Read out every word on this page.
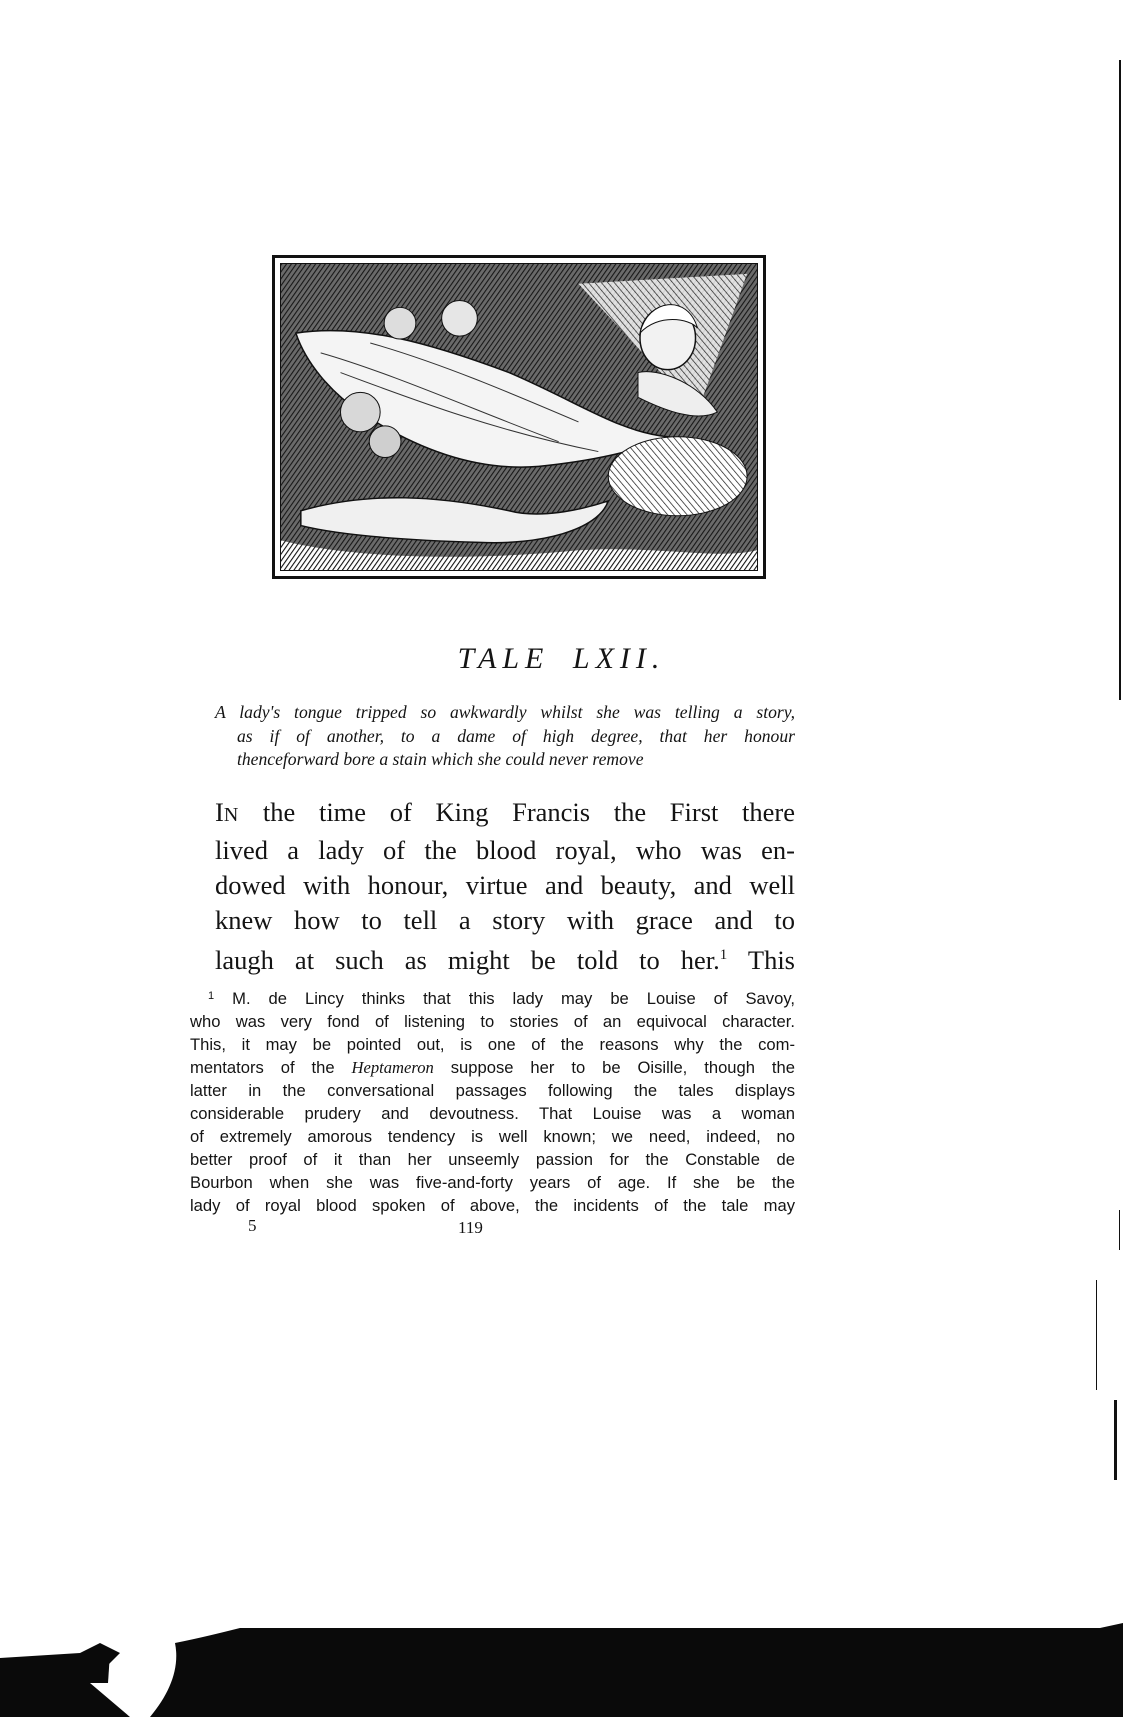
TALE LXII.
A lady's tongue tripped so awkwardly whilst she was telling a story,
as if of another, to a dame of high degree, that her honour
thenceforward bore a stain which she could never remove
IN the time of King Francis the First there
lived a lady of the blood royal, who was en-
dowed with honour, virtue and beauty, and well
knew how to tell a story with grace and to
laugh at such as might be told to her.$^1$ This
$^1$ M. de Lincy thinks that this lady may be Louise of Savoy,
who was very fond of listening to stories of an equivocal character.
This, it may be pointed out, is one of the reasons why the com-
mentators of the Heptameron suppose her to be Oisille, though the
latter in the conversational passages following the tales displays
considerable prudery and devoutness. That Louise was a woman
of extremely amorous tendency is well known; we need, indeed, no
better proof of it than her unseemly passion for the Constable de
Bourbon when she was five-and-forty years of age. If she be the
lady of royal blood spoken of above, the incidents of the tale may
5	119
